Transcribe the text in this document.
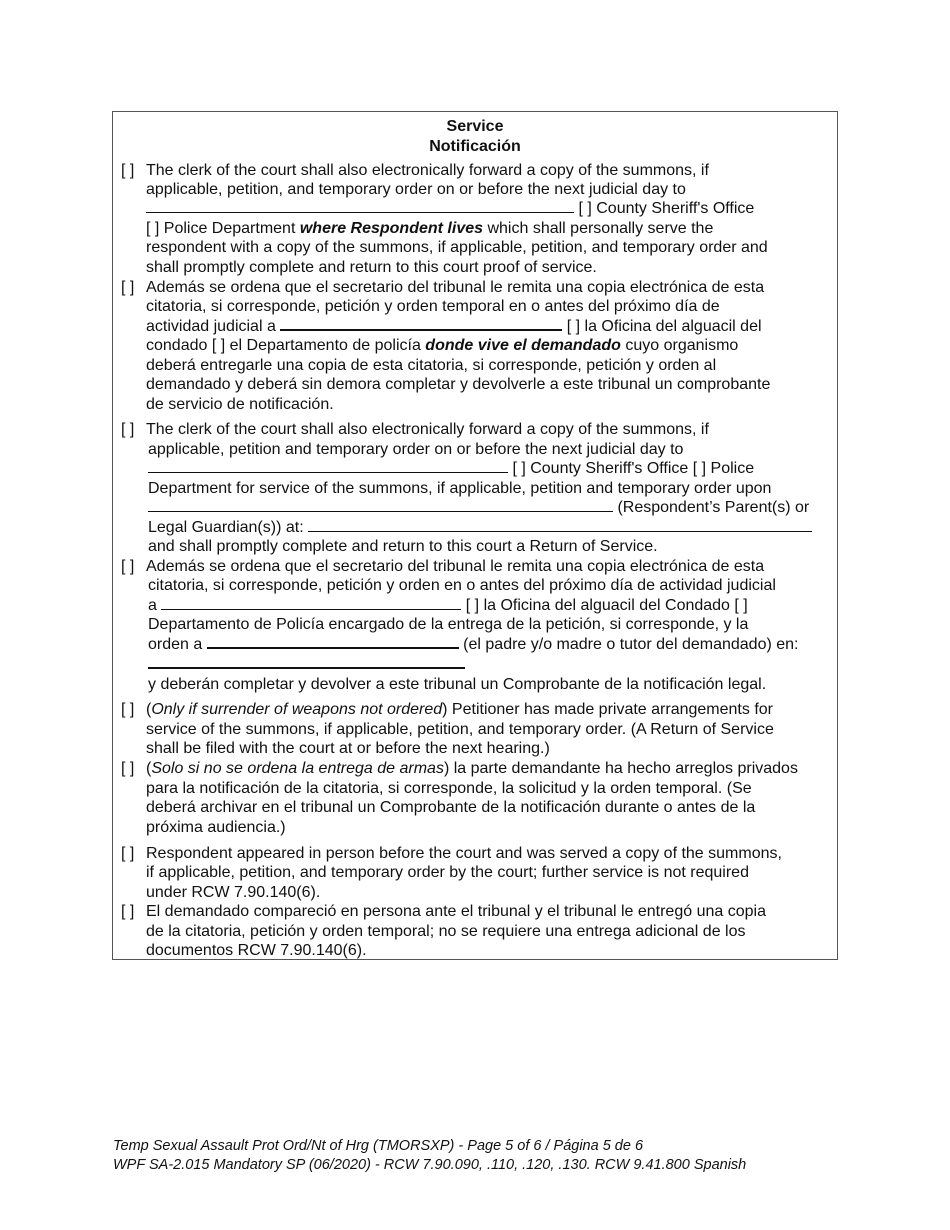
Service
Notificación
[ ] The clerk of the court shall also electronically forward a copy of the summons, if
applicable, petition, and temporary order on or before the next judicial day to
[ ] County Sheriff's Office
[ ] Police Department where Respondent lives which shall personally serve the
respondent with a copy of the summons, if applicable, petition, and temporary order and
shall promptly complete and return to this court proof of service.
[ ] Además se ordena que el secretario del tribunal le remita una copia electrónica de esta
citatoria, si corresponde, petición y orden temporal en o antes del próximo día de
actividad judicial a	[ ] la Oficina del alguacil del
condado [ ] el Departamento de policía donde vive el demandado cuyo organismo
deberá entregarle una copia de esta citatoria, si corresponde, petición y orden al
demandado y deberá sin demora completar y devolverle a este tribunal un comprobante
de servicio de notificación.
[ ] The clerk of the court shall also electronically forward a copy of the summons, if
applicable, petition and temporary order on or before the next judicial day to
[ ] County Sheriff's Office [ ] Police
Department for service of the summons, if applicable, petition and temporary order upon
(Respondent’s Parent(s) or
Legal Guardian(s)) at:
and shall promptly complete and return to this court a Return of Service.
[ ] Además se ordena que el secretario del tribunal le remita una copia electrónica de esta
citatoria, si corresponde, petición y orden en o antes del próximo día de actividad judicial
a	[ ] la Oficina del alguacil del Condado [ ]
Departamento de Policía encargado de la entrega de la petición, si corresponde, y la
orden a	(el padre y/o madre o tutor del demandado) en:
y deberán completar y devolver a este tribunal un Comprobante de la notificación legal.
[ ] (Only if surrender of weapons not ordered) Petitioner has made private arrangements for
service of the summons, if applicable, petition, and temporary order. (A Return of Service
shall be filed with the court at or before the next hearing.)
[ ] (Solo si no se ordena la entrega de armas) la parte demandante ha hecho arreglos privados
para la notificación de la citatoria, si corresponde, la solicitud y la orden temporal. (Se
deberá archivar en el tribunal un Comprobante de la notificación durante o antes de la
próxima audiencia.)
[ ] Respondent appeared in person before the court and was served a copy of the summons,
if applicable, petition, and temporary order by the court; further service is not required
under RCW 7.90.140(6).
[ ] El demandado compareció en persona ante el tribunal y el tribunal le entregó una copia
de la citatoria, petición y orden temporal; no se requiere una entrega adicional de los
documentos RCW 7.90.140(6).
Temp Sexual Assault Prot Ord/Nt of Hrg (TMORSXP) - Page 5 of 6 / Página 5 de 6
WPF SA-2.015 Mandatory SP (06/2020) - RCW 7.90.090, .110, .120, .130. RCW 9.41.800 Spanish
